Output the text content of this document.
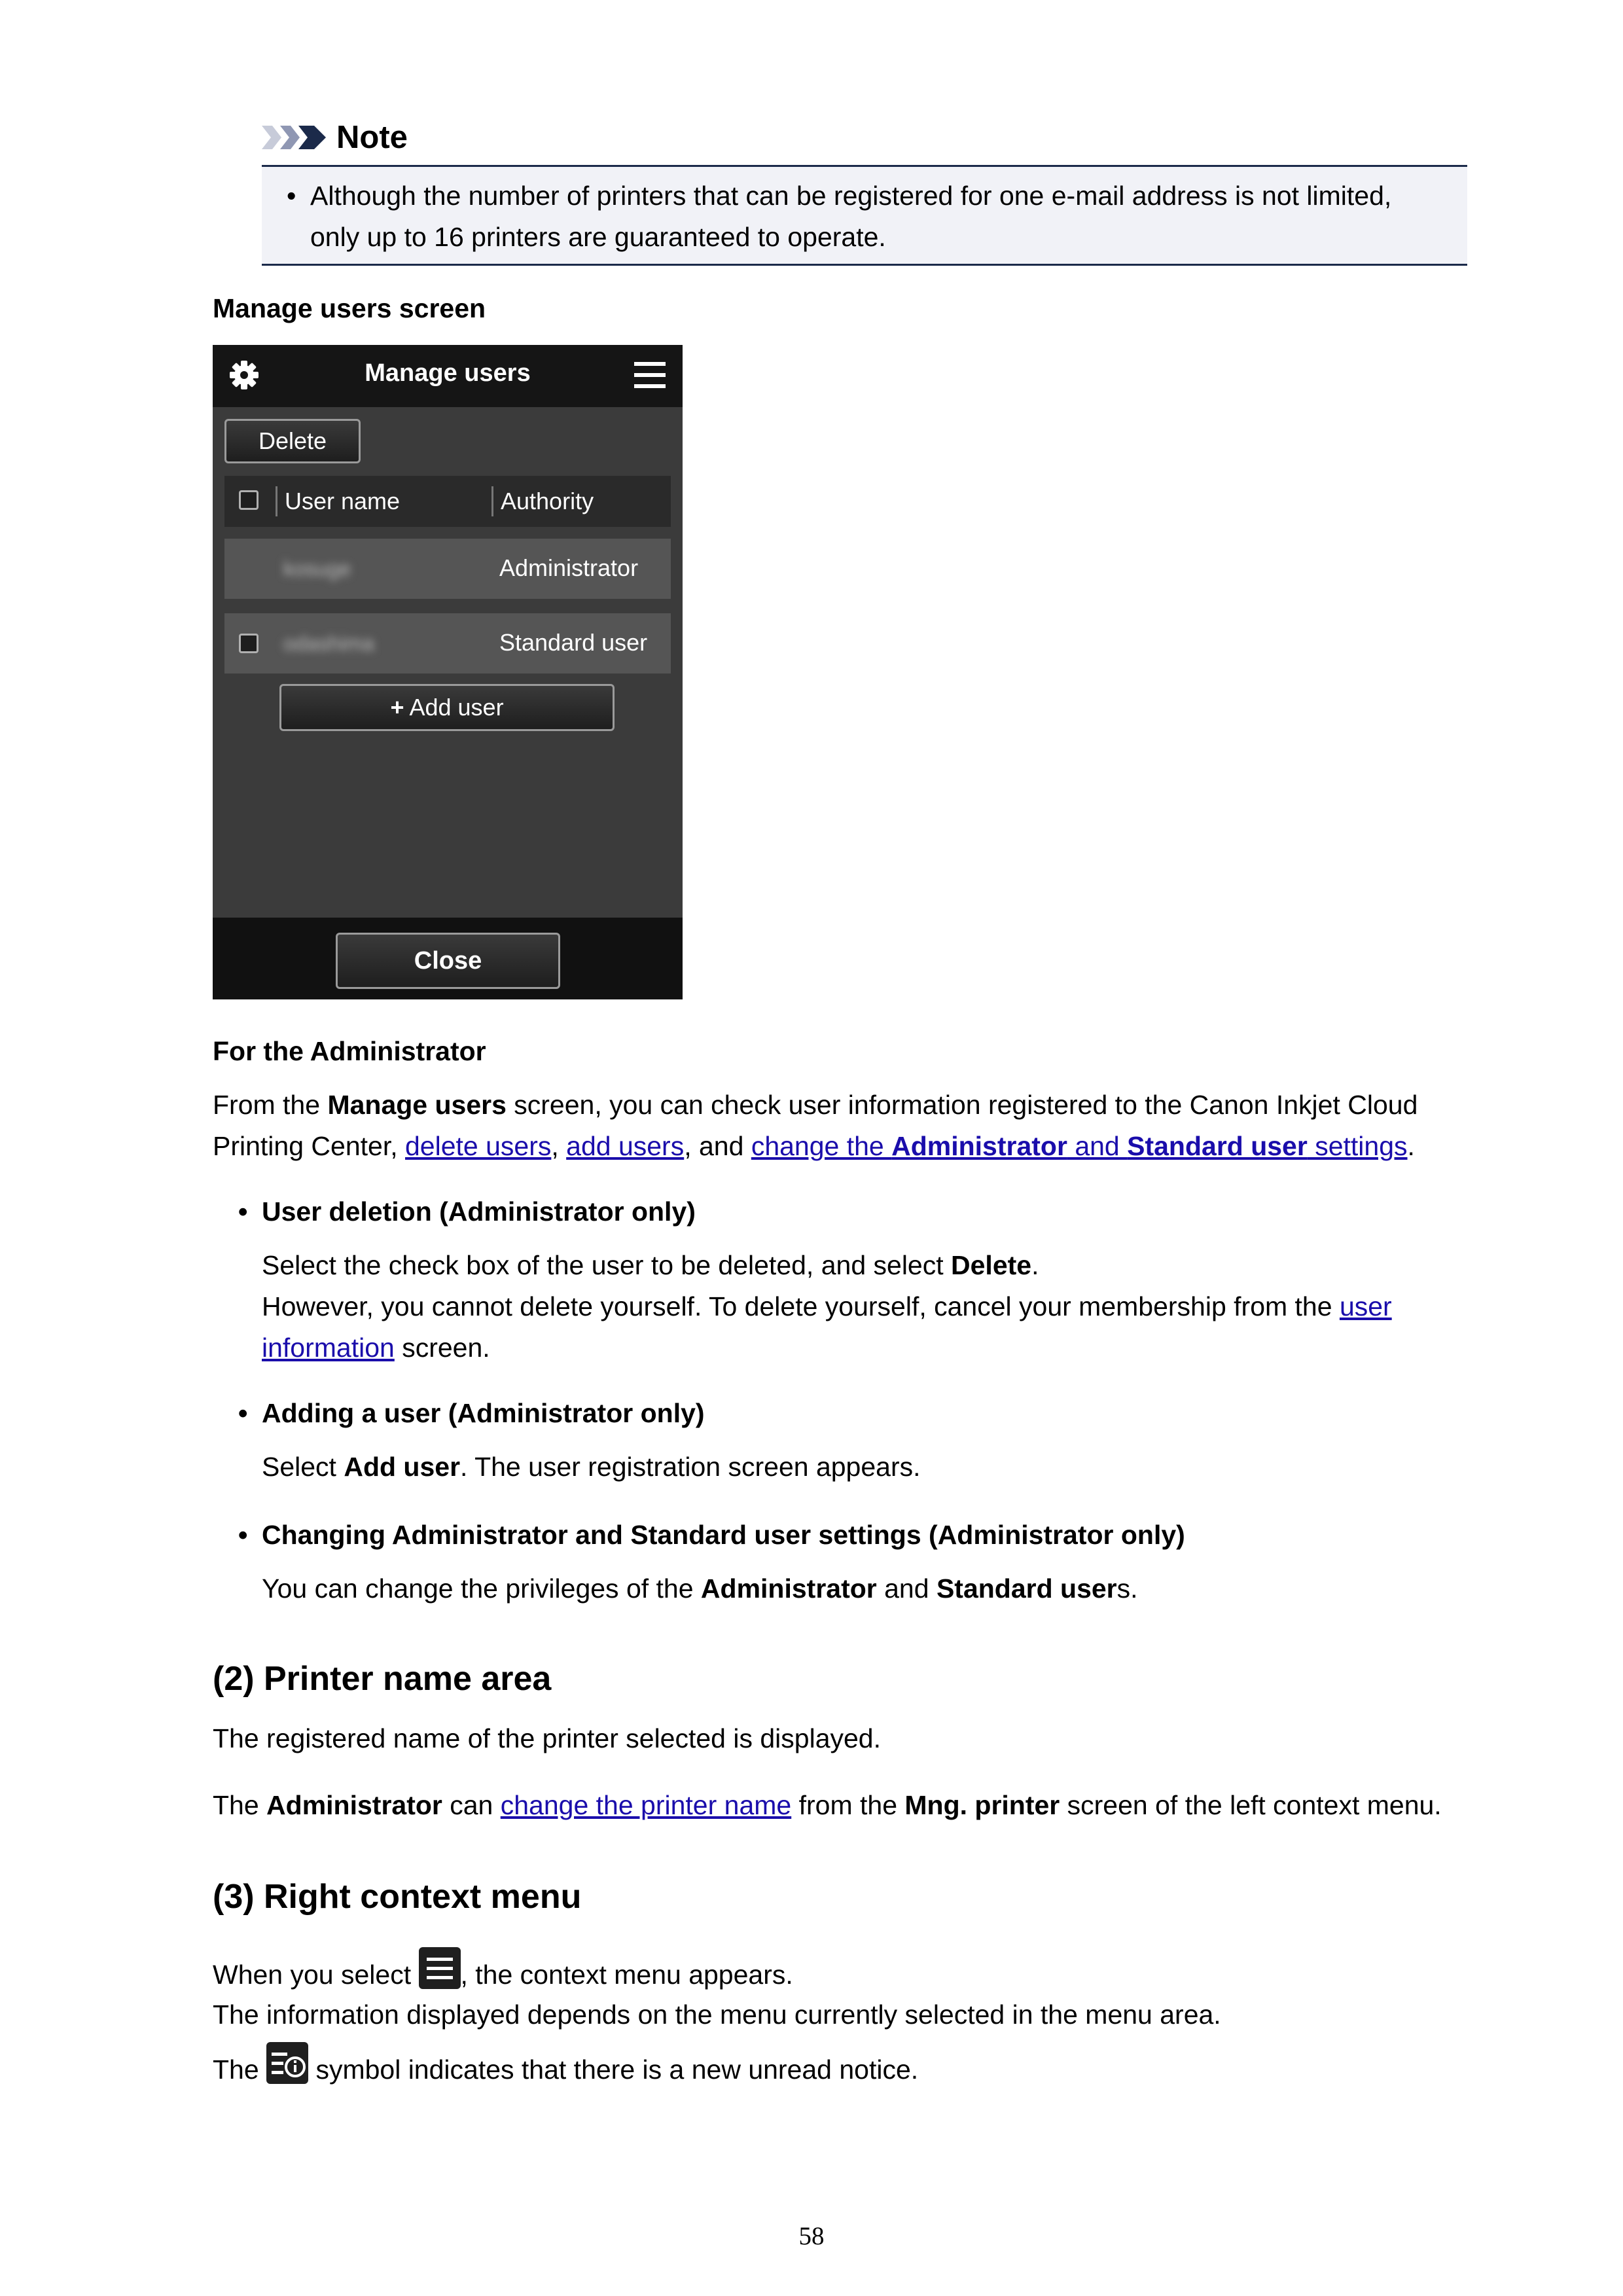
Note
• Although the number of printers that can be registered for one e-mail address is not limited,
only up to 16 printers are guaranteed to operate.
Manage users screen
Manage users
Delete
User name	Authority
kosuge	Administrator
odashima	Standard user
+ Add user
Close
For the Administrator
From the Manage users screen, you can check user information registered to the Canon Inkjet Cloud
Printing Center, delete users, add users, and change the Administrator and Standard user settings.
• User deletion (Administrator only)
Select the check box of the user to be deleted, and select Delete.
However, you cannot delete yourself. To delete yourself, cancel your membership from the user
information screen.
• Adding a user (Administrator only)
Select Add user. The user registration screen appears.
• Changing Administrator and Standard user settings (Administrator only)
You can change the privileges of the Administrator and Standard users.
(2) Printer name area
The registered name of the printer selected is displayed.
The Administrator can change the printer name from the Mng. printer screen of the left context menu.
(3) Right context menu
When you select , the context menu appears.
The information displayed depends on the menu currently selected in the menu area.
The  symbol indicates that there is a new unread notice.
58
